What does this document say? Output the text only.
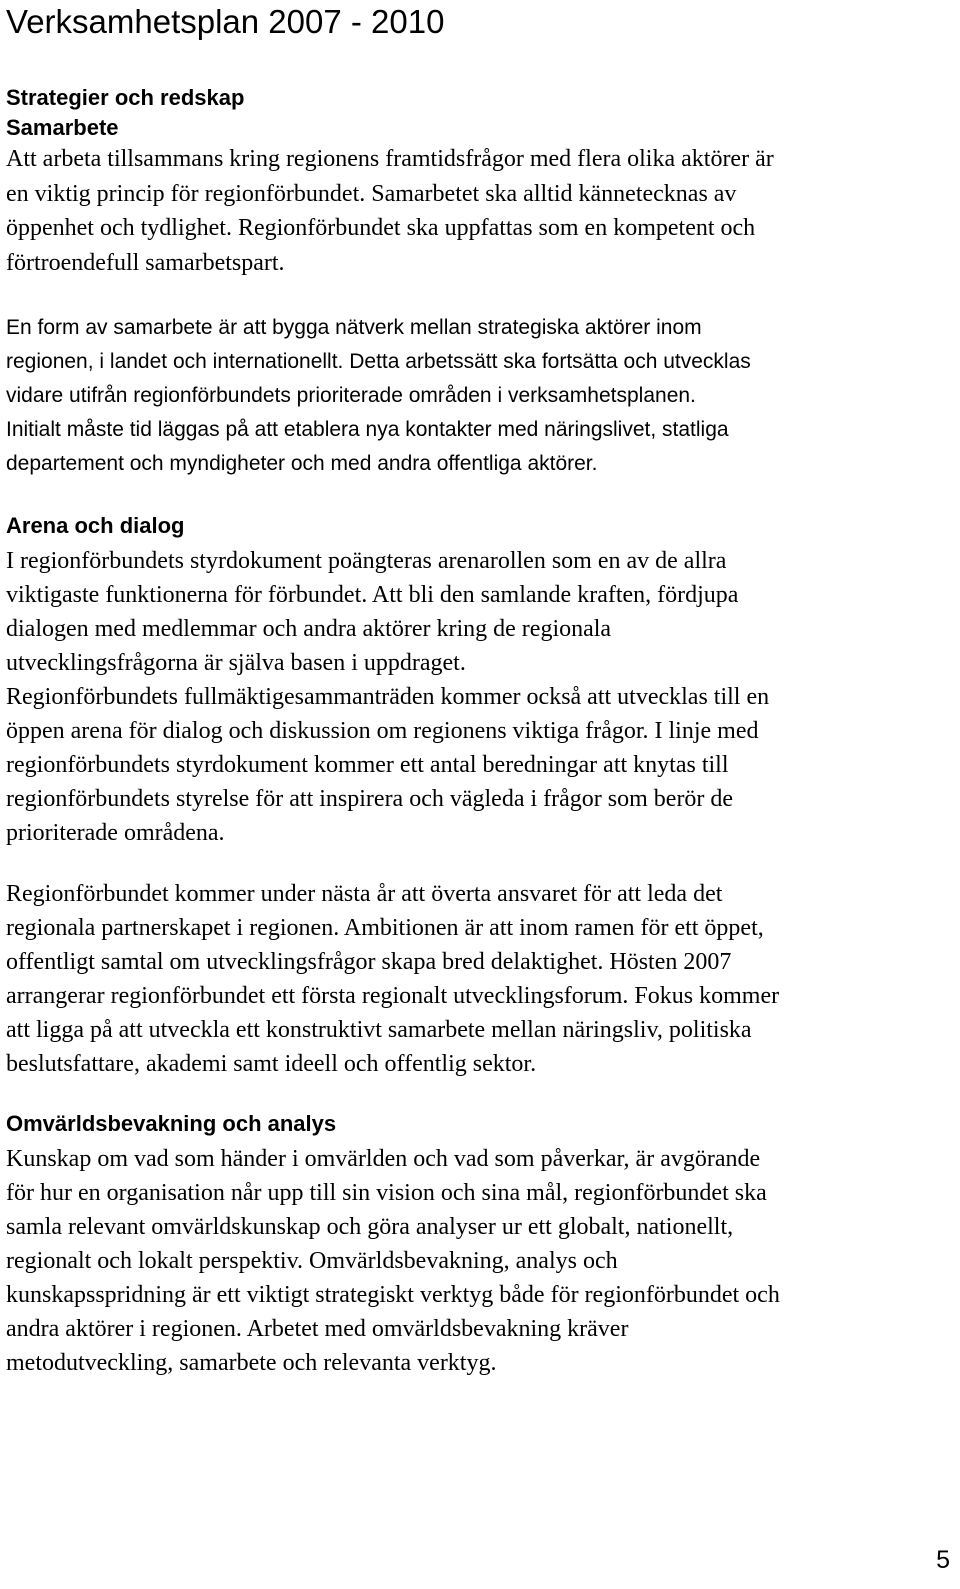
Verksamhetsplan 2007 - 2010
Strategier och redskap
Samarbete

Att arbeta tillsammans kring regionens framtidsfrågor med flera olika aktörer är
en viktig princip för regionförbundet. Samarbetet ska alltid kännetecknas av
öppenhet och tydlighet. Regionförbundet ska uppfattas som en kompetent och
förtroendefull samarbetspart.

En form av samarbete är att bygga nätverk mellan strategiska aktörer inom
regionen, i landet och internationellt. Detta arbetssätt ska fortsätta och utvecklas
vidare utifrån regionförbundets prioriterade områden i verksamhetsplanen.
Initialt måste tid läggas på att etablera nya kontakter med näringslivet, statliga
departement och myndigheter och med andra offentliga aktörer.

Arena och dialog

I regionförbundets styrdokument poängteras arenarollen som en av de allra
viktigaste funktionerna för förbundet. Att bli den samlande kraften, fördjupa
dialogen med medlemmar och andra aktörer kring de regionala
utvecklingsfrågorna är själva basen i uppdraget.
Regionförbundets fullmäktigesammanträden kommer också att utvecklas till en
öppen arena för dialog och diskussion om regionens viktiga frågor. I linje med
regionförbundets styrdokument kommer ett antal beredningar att knytas till
regionförbundets styrelse för att inspirera och vägleda i frågor som berör de
prioriterade områdena.

Regionförbundet kommer under nästa år att överta ansvaret för att leda det
regionala partnerskapet i regionen. Ambitionen är att inom ramen för ett öppet,
offentligt samtal om utvecklingsfrågor skapa bred delaktighet. Hösten 2007
arrangerar regionförbundet ett första regionalt utvecklingsforum. Fokus kommer
att ligga på att utveckla ett konstruktivt samarbete mellan näringsliv, politiska
beslutsfattare, akademi samt ideell och offentlig sektor.

Omvärldsbevakning och analys

Kunskap om vad som händer i omvärlden och vad som påverkar, är avgörande
för hur en organisation når upp till sin vision och sina mål, regionförbundet ska
samla relevant omvärldskunskap och göra analyser ur ett globalt, nationellt,
regionalt och lokalt perspektiv. Omvärldsbevakning, analys och
kunskapsspridning är ett viktigt strategiskt verktyg både för regionförbundet och
andra aktörer i regionen. Arbetet med omvärldsbevakning kräver
metodutveckling, samarbete och relevanta verktyg.

5
